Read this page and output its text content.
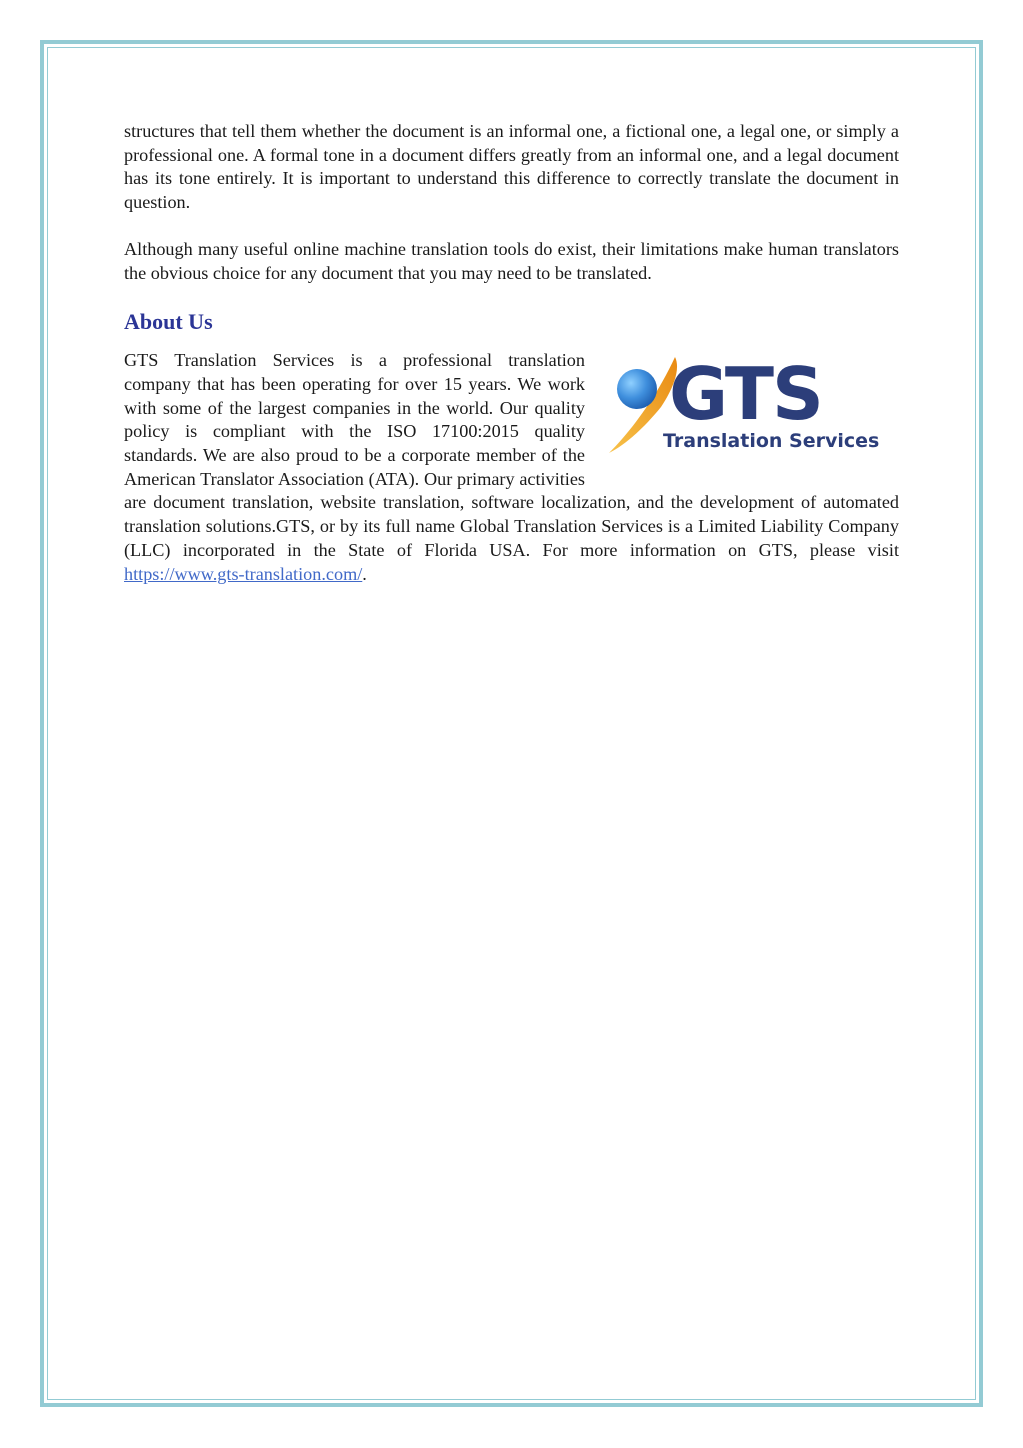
structures that tell them whether the document is an informal one, a fictional one, a legal one, or simply a professional one. A formal tone in a document differs greatly from an informal one, and a legal document has its tone entirely. It is important to understand this difference to correctly translate the document in question.

Although many useful online machine translation tools do exist, their limitations make human translators the obvious choice for any document that you may need to be translated.

About Us
GTS
Translation Services

GTS Translation Services is a professional translation company that has been operating for over 15 years. We work with some of the largest companies in the world. Our quality policy is compliant with the ISO 17100:2015 quality standards. We are also proud to be a corporate member of the American Translator Association (ATA). Our primary activities are document translation, website translation, software localization, and the development of automated translation solutions.GTS, or by its full name Global Translation Services is a Limited Liability Company (LLC) incorporated in the State of Florida USA. For more information on GTS, please visit https://www.gts-translation.com/.
